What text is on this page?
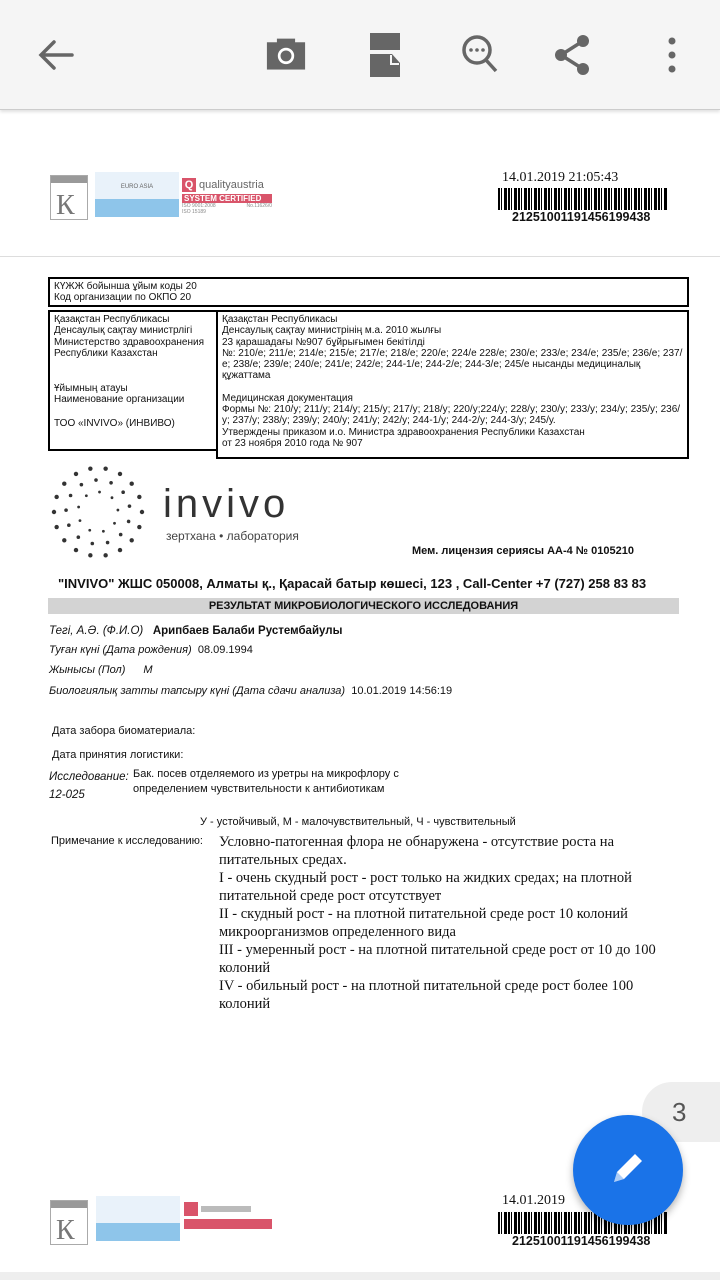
К
EURO ASIA	Q qualityaustria
SYSTEM CERTIFIED
ISO 9001:2008	No.11626/0
ISO 15189
14.01.2019 21:05:43
21251001191456199438
КҮЖЖ бойынша ұйым коды 20
Код организации по ОКПО 20
Қазақстан Республикасы
Денсаулық сақтау министрлігі
Министерство здравоохранения
Республики Казахстан
Ұйымның атауы
Наименование организации
ТОО «INVIVO» (ИНВИВО)
Қазақстан Республикасы
Денсаулық сақтау министрінің м.а. 2010 жылғы
23 қарашадағы №907 бұйрығымен бекітілді
№: 210/е; 211/е; 214/е; 215/е; 217/е; 218/е; 220/е; 224/е 228/е; 230/е; 233/е; 234/е; 235/е; 236/е; 237/е; 238/е; 239/е; 240/е; 241/е; 242/е; 244-1/е; 244-2/е; 244-3/е; 245/е нысанды медициналық құжаттама
Медицинская документация
Формы №: 210/у; 211/у; 214/у; 215/у; 217/у; 218/у; 220/у;224/у; 228/у; 230/у; 233/у; 234/у; 235/у; 236/у; 237/у; 238/у; 239/у; 240/у; 241/у; 242/у; 244-1/у; 244-2/у; 244-3/у; 245/у.
Утверждены приказом и.о. Министра здравоохранения Республики Казахстан
от 23 ноября 2010 года № 907
invivo
зертхана • лаборатория
Мем. лицензия сериясы АА-4 № 0105210
"INVIVO" ЖШС 050008, Алматы қ., Қарасай батыр көшесі, 123 , Call-Center +7 (727) 258 83 83
РЕЗУЛЬТАТ МИКРОБИОЛОГИЧЕСКОГО ИССЛЕДОВАНИЯ
Тегі, А.Ә. (Ф.И.О) Арипбаев Балаби Рустембайулы
Туған күні (Дата рождения) 08.09.1994
Жынысы (Пол) М
Биологиялық затты тапсыру күні (Дата сдачи анализа) 10.01.2019 14:56:19
Дата забора биоматериала:
Дата принятия логистики:
Исследование:
12-025
Бак. посев отделяемого из уретры на микрофлору с определением чувствительности к антибиотикам
У - устойчивый, М - малочувствительный, Ч - чувствительный
Примечание к исследованию: Условно-патогенная флора не обнаружена - отсутствие роста на питательных средах.

I - очень скудный рост - рост только на жидких средах; на плотной питательной среде рост отсутствует

II - скудный рост - на плотной питательной среде рост 10 колоний микроорганизмов определенного вида

III - умеренный рост - на плотной питательной среде рост от 10 до 100 колоний

IV - обильный рост - на плотной питательной среде рост более 100 колоний

К
14.01.2019
21251001191456199438
3
